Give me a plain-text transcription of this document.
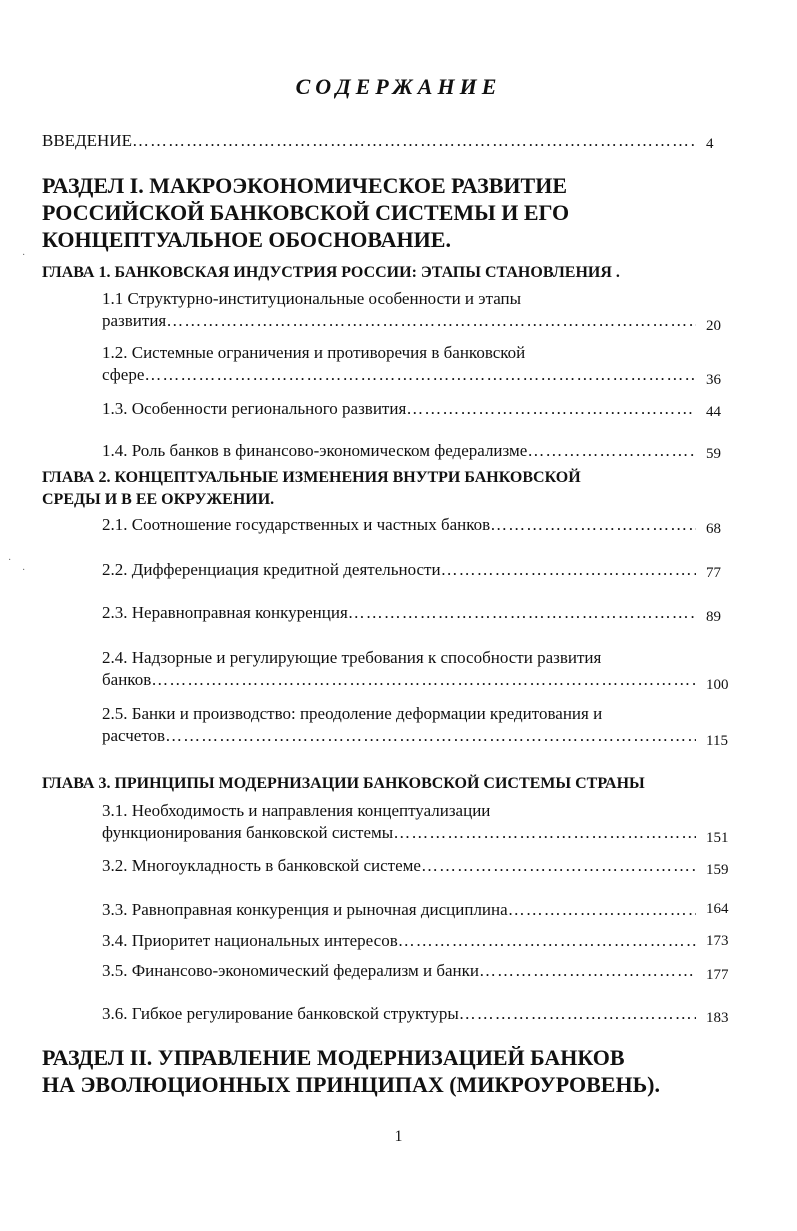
СОДЕРЖАНИЕ
ВВЕДЕНИЕ …………………………………………………………………………………………………………………………………………	4
РАЗДЕЛ I. МАКРОЭКОНОМИЧЕСКОЕ РАЗВИТИЕ
РОССИЙСКОЙ БАНКОВСКОЙ СИСТЕМЫ И ЕГО
КОНЦЕПТУАЛЬНОЕ ОБОСНОВАНИЕ.
ГЛАВА 1. БАНКОВСКАЯ ИНДУСТРИЯ РОССИИ: ЭТАПЫ СТАНОВЛЕНИЯ .
1.1 Структурно-институциональные особенности и этапы
развития …………………………………………………………………………………………………………………………………………	20
1.2. Системные ограничения и противоречия в банковской
сфере …………………………………………………………………………………………………………………………………………	36
1.3. Особенности регионального развития …………………………………………………………………………………………………………………………………………	44
1.4. Роль банков в финансово-экономическом федерализме …………………………………………………………………………………………………………………………………………	59
ГЛАВА 2. КОНЦЕПТУАЛЬНЫЕ ИЗМЕНЕНИЯ ВНУТРИ БАНКОВСКОЙ
СРЕДЫ И В ЕЕ ОКРУЖЕНИИ.
2.1. Соотношение государственных и частных банков …………………………………………………………………………………………………………………………………………	68
2.2. Дифференциация кредитной деятельности …………………………………………………………………………………………………………………………………………	77
2.3. Неравноправная конкуренция …………………………………………………………………………………………………………………………………………	89
2.4. Надзорные и регулирующие требования к способности развития
банков …………………………………………………………………………………………………………………………………………	100
2.5. Банки и производство: преодоление деформации кредитования и
расчетов …………………………………………………………………………………………………………………………………………	115
ГЛАВА 3. ПРИНЦИПЫ МОДЕРНИЗАЦИИ БАНКОВСКОЙ СИСТЕМЫ СТРАНЫ
3.1. Необходимость и направления концептуализации
функционирования банковской системы …………………………………………………………………………………………………………………………………………	151
3.2. Многоукладность в банковской системе …………………………………………………………………………………………………………………………………………	159
3.3. Равноправная конкуренция и рыночная дисциплина …………………………………………………………………………………………………………………………………………	164
3.4. Приоритет национальных интересов …………………………………………………………………………………………………………………………………………	173
3.5. Финансово-экономический федерализм и банки …………………………………………………………………………………………………………………………………………	177
3.6. Гибкое регулирование банковской структуры …………………………………………………………………………………………………………………………………………	183
РАЗДЕЛ II. УПРАВЛЕНИЕ МОДЕРНИЗАЦИЕЙ БАНКОВ
НА ЭВОЛЮЦИОННЫХ ПРИНЦИПАХ (МИКРОУРОВЕНЬ).
1
·
·
·
